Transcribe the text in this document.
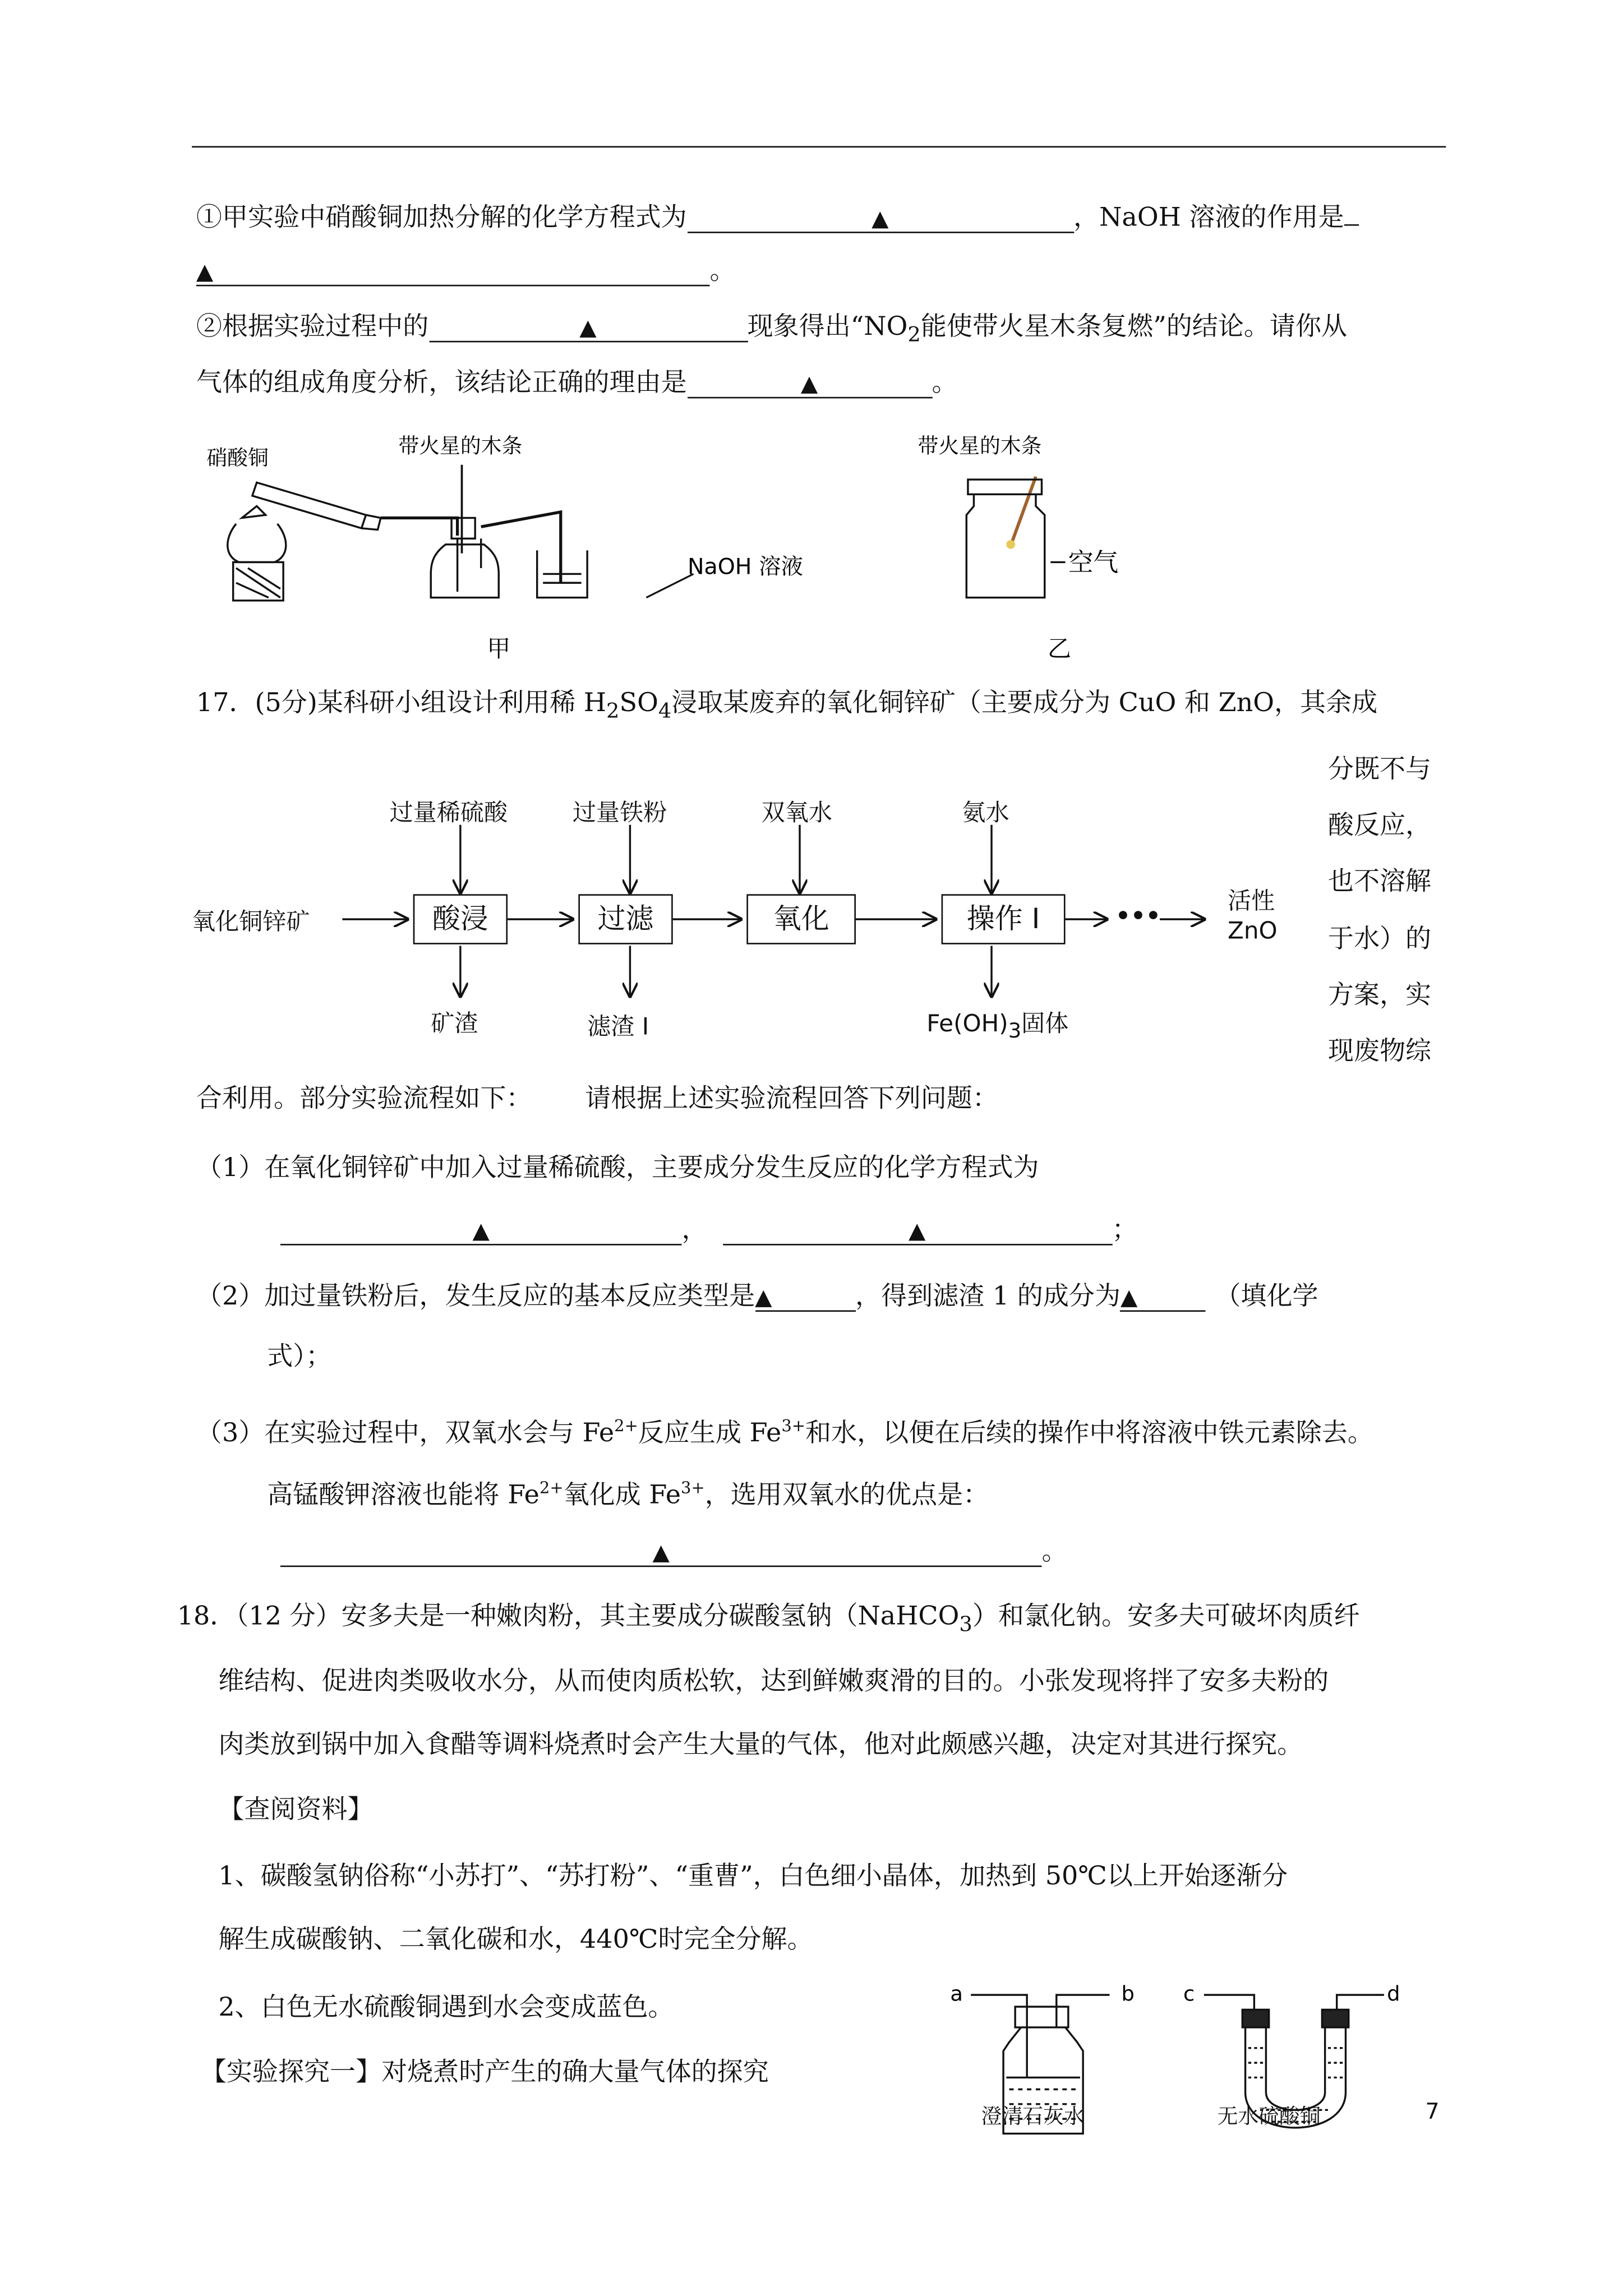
①甲实验中硝酸铜加热分解的化学方程式为	▲	，NaOH 溶液的作用是
▲	。
②根据实验过程中的	▲	现象得出“$NO_2$能使带火星木条复燃”的结论。请你从
气体的组成角度分析，该结论正确的理由是	▲	。
硝酸铜	带火星的木条
NaOH 溶液
带火星的木条
空气
甲	乙
17．(5分)某科研小组设计利用稀 $H_2SO_4$浸取某废弃的氧化铜锌矿（主要成分为 CuO 和 ZnO，其余成
分既不与
酸反应，
也不溶解
于水）的
方案，实
现废物综
氧化铜锌矿	酸浸	过滤	氧化	操作 I
过量稀硫酸	过量铁粉	双氧水	氨水
矿渣	滤渣 I	$Fe(OH)_3$固体
•••
活性
ZnO
合利用。部分实验流程如下：	请根据上述实验流程回答下列问题：
（1）在氧化铜锌矿中加入过量稀硫酸，主要成分发生反应的化学方程式为
▲	，	▲	；
（2）加过量铁粉后，发生反应的基本反应类型是▲	，得到滤渣 1 的成分为▲	（填化学
式）；
（3）在实验过程中，双氧水会与 $Fe^{2+}$反应生成 $Fe^{3+}$和水，以便在后续的操作中将溶液中铁元素除去。
高锰酸钾溶液也能将 $Fe^{2+}$氧化成 $Fe^{3+}$，选用双氧水的优点是：
▲	。
18．（12 分）安多夫是一种嫩肉粉，其主要成分碳酸氢钠（NaHCO$_3$）和氯化钠。安多夫可破坏肉质纤
维结构、促进肉类吸收水分，从而使肉质松软，达到鲜嫩爽滑的目的。小张发现将拌了安多夫粉的
肉类放到锅中加入食醋等调料烧煮时会产生大量的气体，他对此颇感兴趣，决定对其进行探究。
【查阅资料】
1、碳酸氢钠俗称“小苏打”、“苏打粉”、“重曹”，白色细小晶体，加热到 50℃以上开始逐渐分
解生成碳酸钠、二氧化碳和水，440℃时完全分解。
2、白色无水硫酸铜遇到水会变成蓝色。
【实验探究一】对烧煮时产生的确大量气体的探究
a	b	c	d
澄清石灰水	无水硫酸铜	7
